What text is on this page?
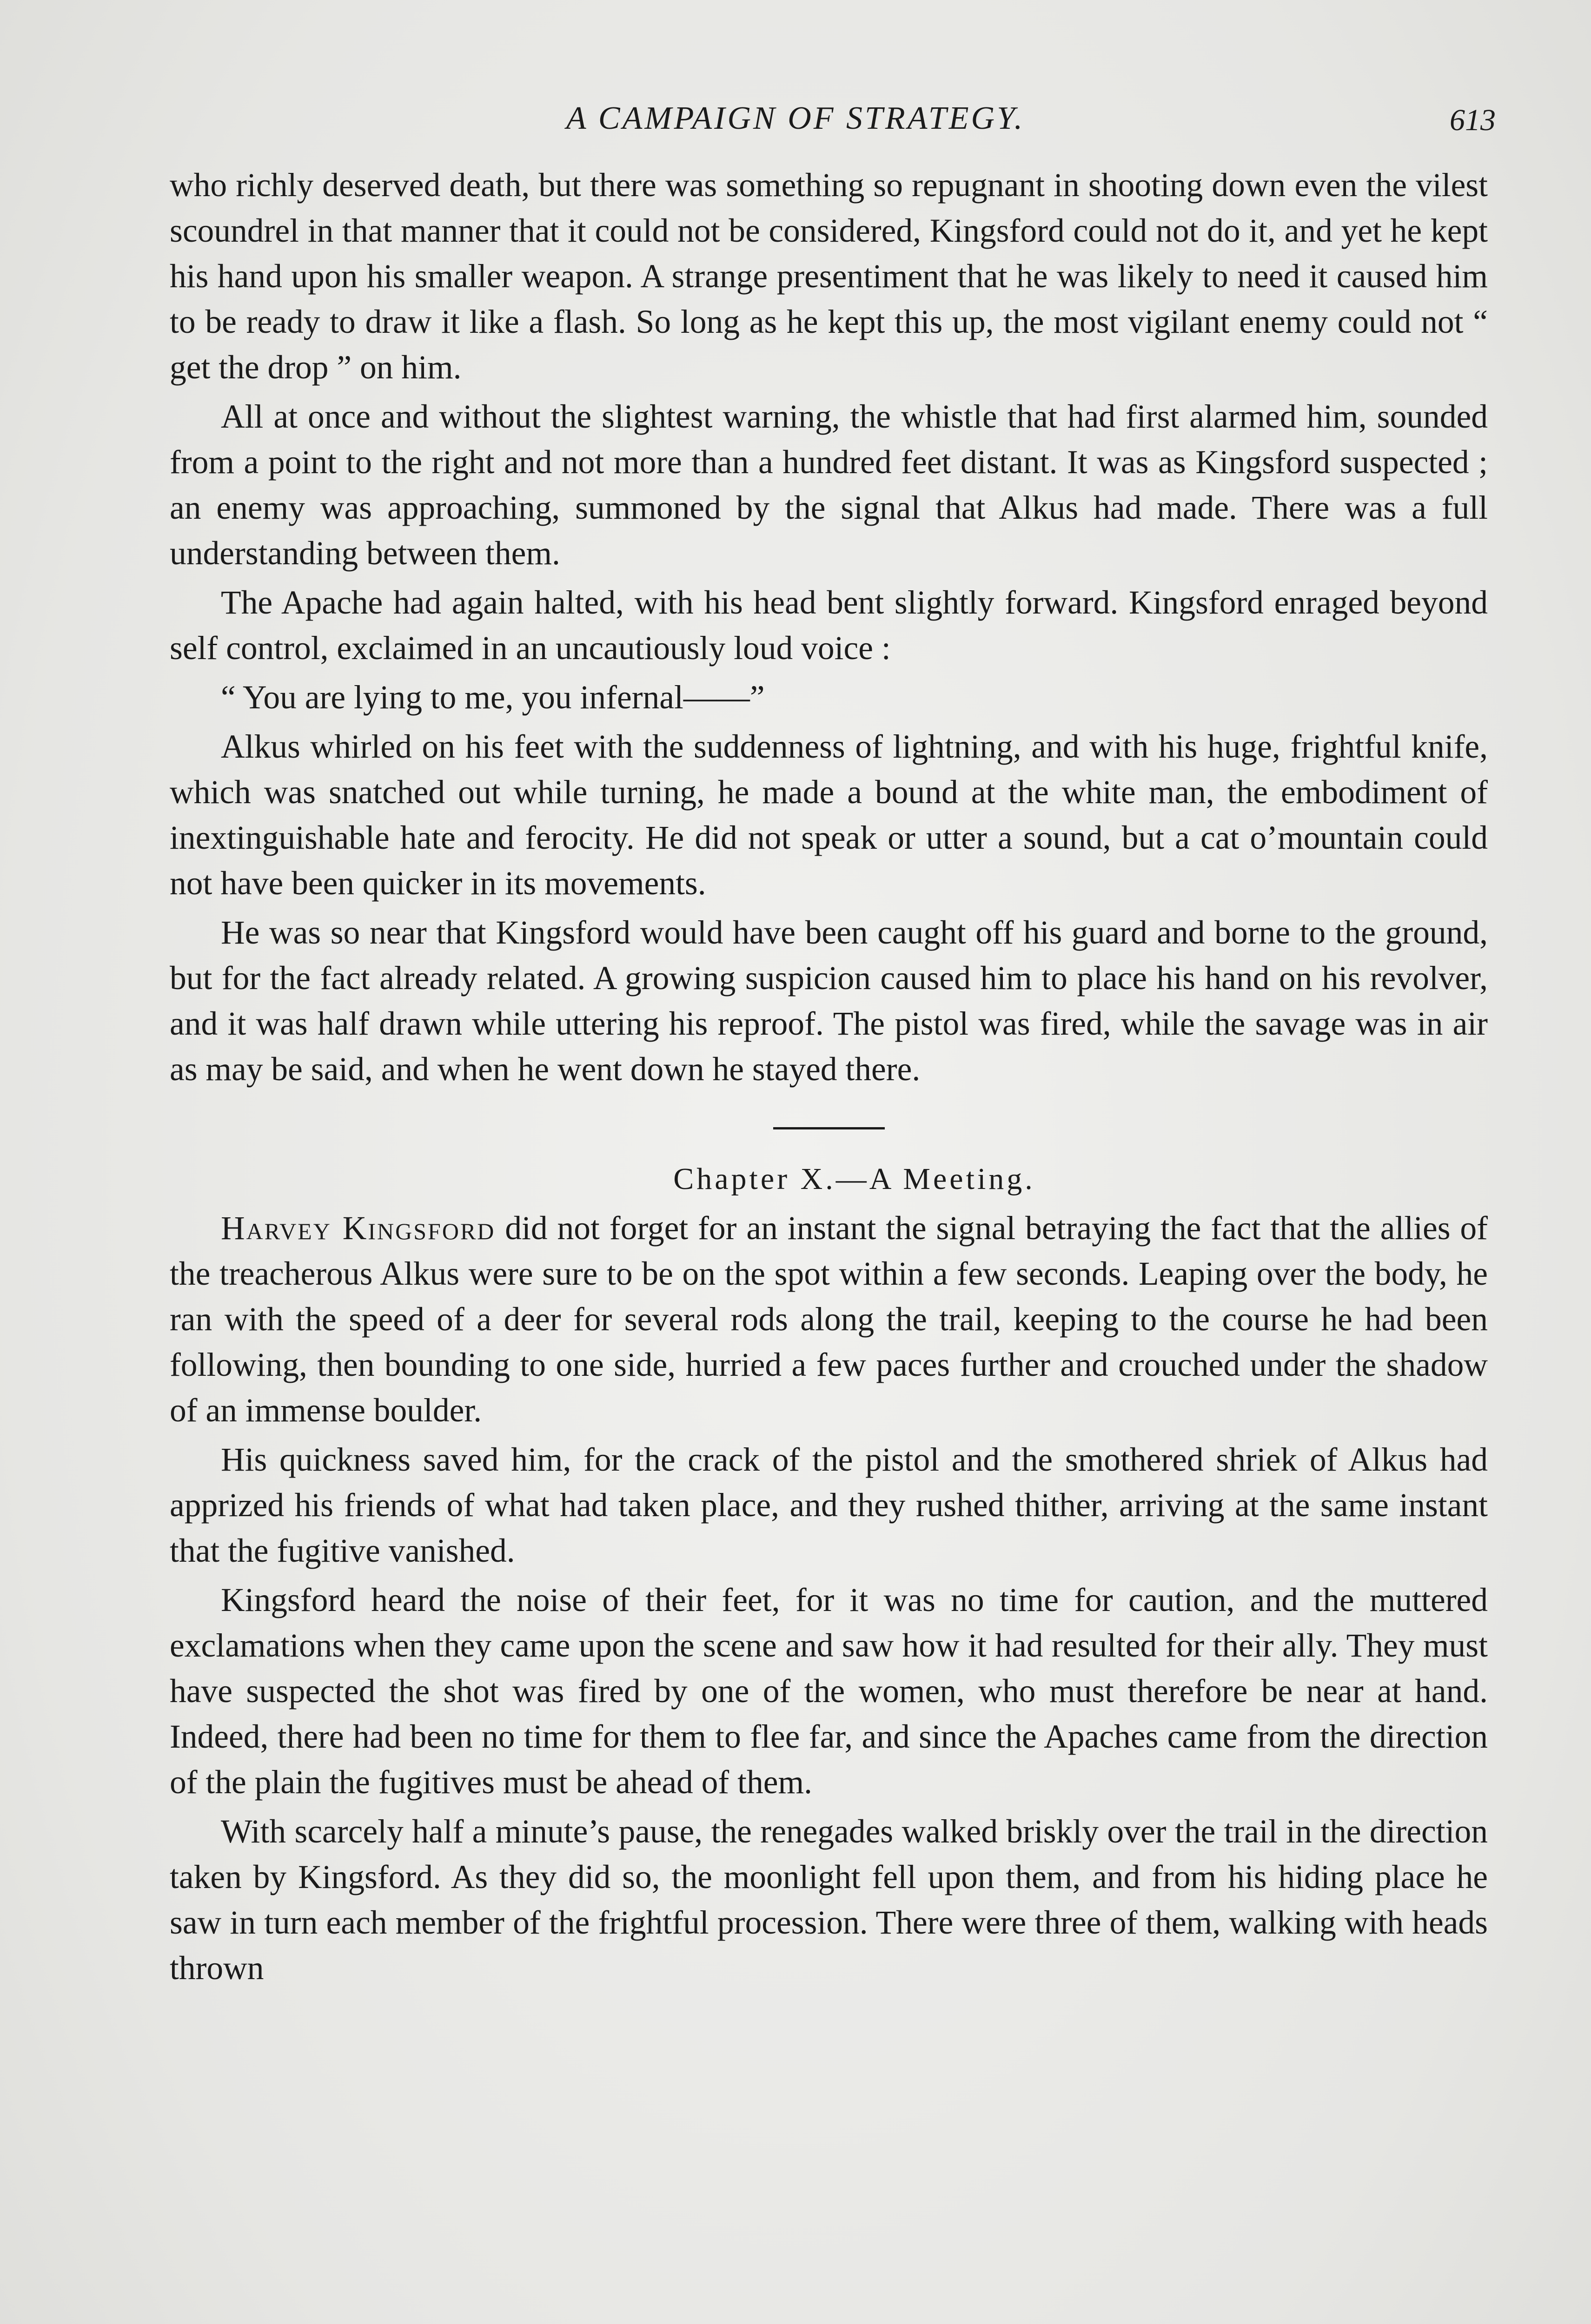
A CAMPAIGN OF STRATEGY.	613

who richly deserved death, but there was something so repugnant in shooting down even the vilest scoundrel in that manner that it could not be considered, Kingsford could not do it, and yet he kept his hand upon his smaller weapon. A strange presentiment that he was likely to need it caused him to be ready to draw it like a flash. So long as he kept this up, the most vigilant enemy could not “ get the drop ” on him.

All at once and without the slightest warning, the whistle that had first alarmed him, sounded from a point to the right and not more than a hundred feet distant. It was as Kingsford suspected ; an enemy was approaching, summoned by the signal that Alkus had made. There was a full understanding between them.

The Apache had again halted, with his head bent slightly forward. Kingsford enraged beyond self control, exclaimed in an uncautiously loud voice :

“ You are lying to me, you infernal——”

Alkus whirled on his feet with the suddenness of lightning, and with his huge, frightful knife, which was snatched out while turning, he made a bound at the white man, the embodiment of inextinguishable hate and ferocity. He did not speak or utter a sound, but a cat o’mountain could not have been quicker in its movements.

He was so near that Kingsford would have been caught off his guard and borne to the ground, but for the fact already related. A growing suspicion caused him to place his hand on his revolver, and it was half drawn while uttering his reproof. The pistol was fired, while the savage was in air as may be said, and when he went down he stayed there.

Chapter X.—A Meeting.

Harvey Kingsford did not forget for an instant the signal betraying the fact that the allies of the treacherous Alkus were sure to be on the spot within a few seconds. Leaping over the body, he ran with the speed of a deer for several rods along the trail, keeping to the course he had been following, then bounding to one side, hurried a few paces further and crouched under the shadow of an immense boulder.

His quickness saved him, for the crack of the pistol and the smothered shriek of Alkus had apprized his friends of what had taken place, and they rushed thither, arriving at the same instant that the fugitive vanished.

Kingsford heard the noise of their feet, for it was no time for caution, and the muttered exclamations when they came upon the scene and saw how it had resulted for their ally. They must have suspected the shot was fired by one of the women, who must therefore be near at hand. Indeed, there had been no time for them to flee far, and since the Apaches came from the direction of the plain the fugitives must be ahead of them.

With scarcely half a minute’s pause, the renegades walked briskly over the trail in the direction taken by Kingsford. As they did so, the moonlight fell upon them, and from his hiding place he saw in turn each member of the frightful procession. There were three of them, walking with heads thrown
